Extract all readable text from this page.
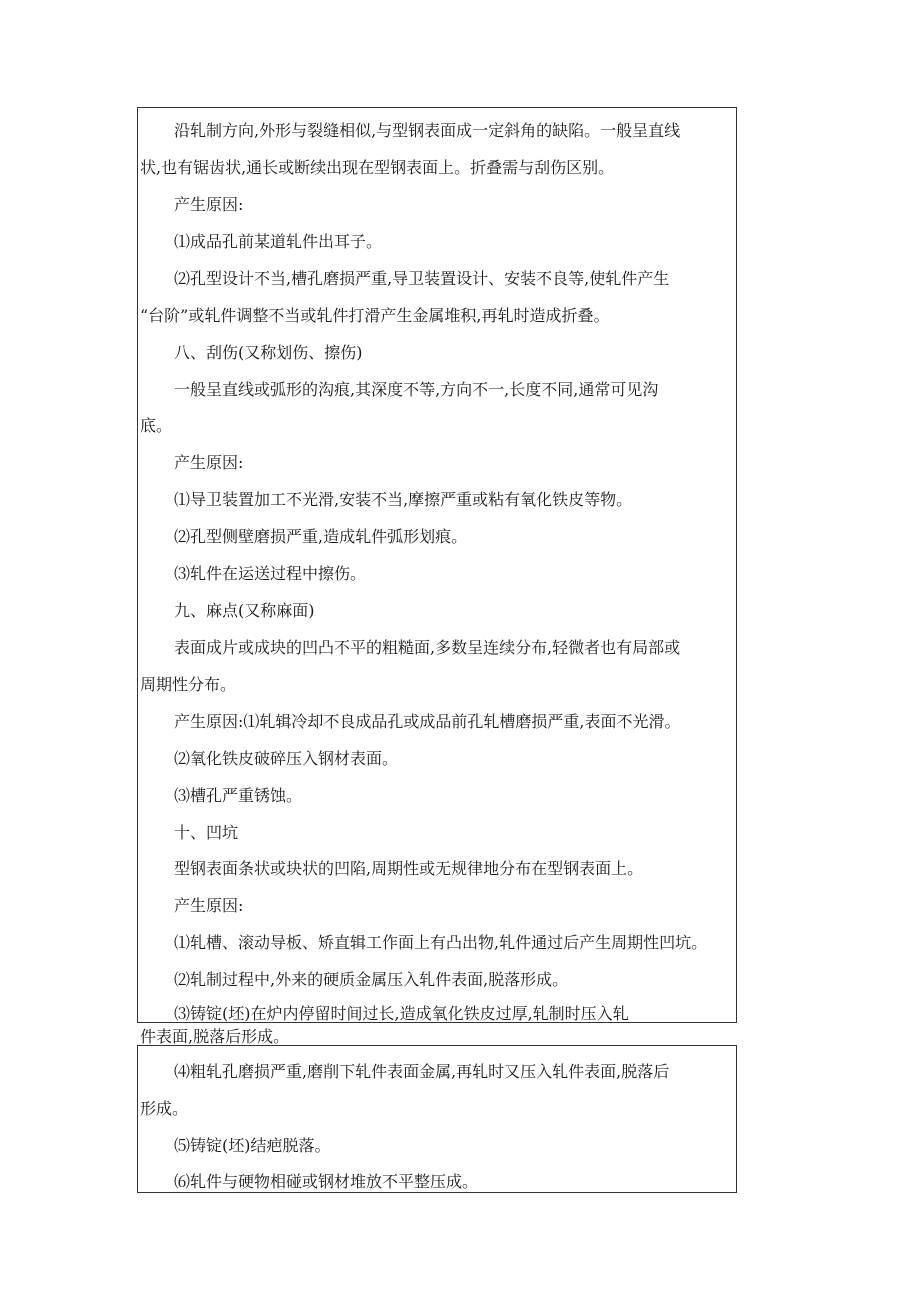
沿轧制方向,外形与裂缝相似,与型钢表面成一定斜角的缺陷。一般呈直线
状,也有锯齿状,通长或断续出现在型钢表面上。折叠需与刮伤区别。
产生原因:
⑴成品孔前某道轧件出耳子。
⑵孔型设计不当,槽孔磨损严重,导卫装置设计、安装不良等,使轧件产生
“台阶”或轧件调整不当或轧件打滑产生金属堆积,再轧时造成折叠。
八、刮伤(又称划伤、擦伤)
一般呈直线或弧形的沟痕,其深度不等,方向不一,长度不同,通常可见沟
底。
产生原因:
⑴导卫装置加工不光滑,安装不当,摩擦严重或粘有氧化铁皮等物。
⑵孔型侧壁磨损严重,造成轧件弧形划痕。
⑶轧件在运送过程中擦伤。
九、麻点(又称麻面)
表面成片或成块的凹凸不平的粗糙面,多数呈连续分布,轻微者也有局部或
周期性分布。
产生原因:⑴轧辑冷却不良成品孔或成品前孔轧槽磨损严重,表面不光滑。
⑵氧化铁皮破碎压入钢材表面。
⑶槽孔严重锈蚀。
十、凹坑
型钢表面条状或块状的凹陷,周期性或无规律地分布在型钢表面上。
产生原因:
⑴轧槽、滚动导板、矫直辑工作面上有凸出物,轧件通过后产生周期性凹坑。
⑵轧制过程中,外来的硬质金属压入轧件表面,脱落形成。
⑶铸锭(坯)在炉内停留时间过长,造成氧化铁皮过厚,轧制时压入轧
件表面,脱落后形成。
⑷粗轧孔磨损严重,磨削下轧件表面金属,再轧时又压入轧件表面,脱落后
形成。
⑸铸锭(坯)结疤脱落。
⑹轧件与硬物相碰或钢材堆放不平整压成。
